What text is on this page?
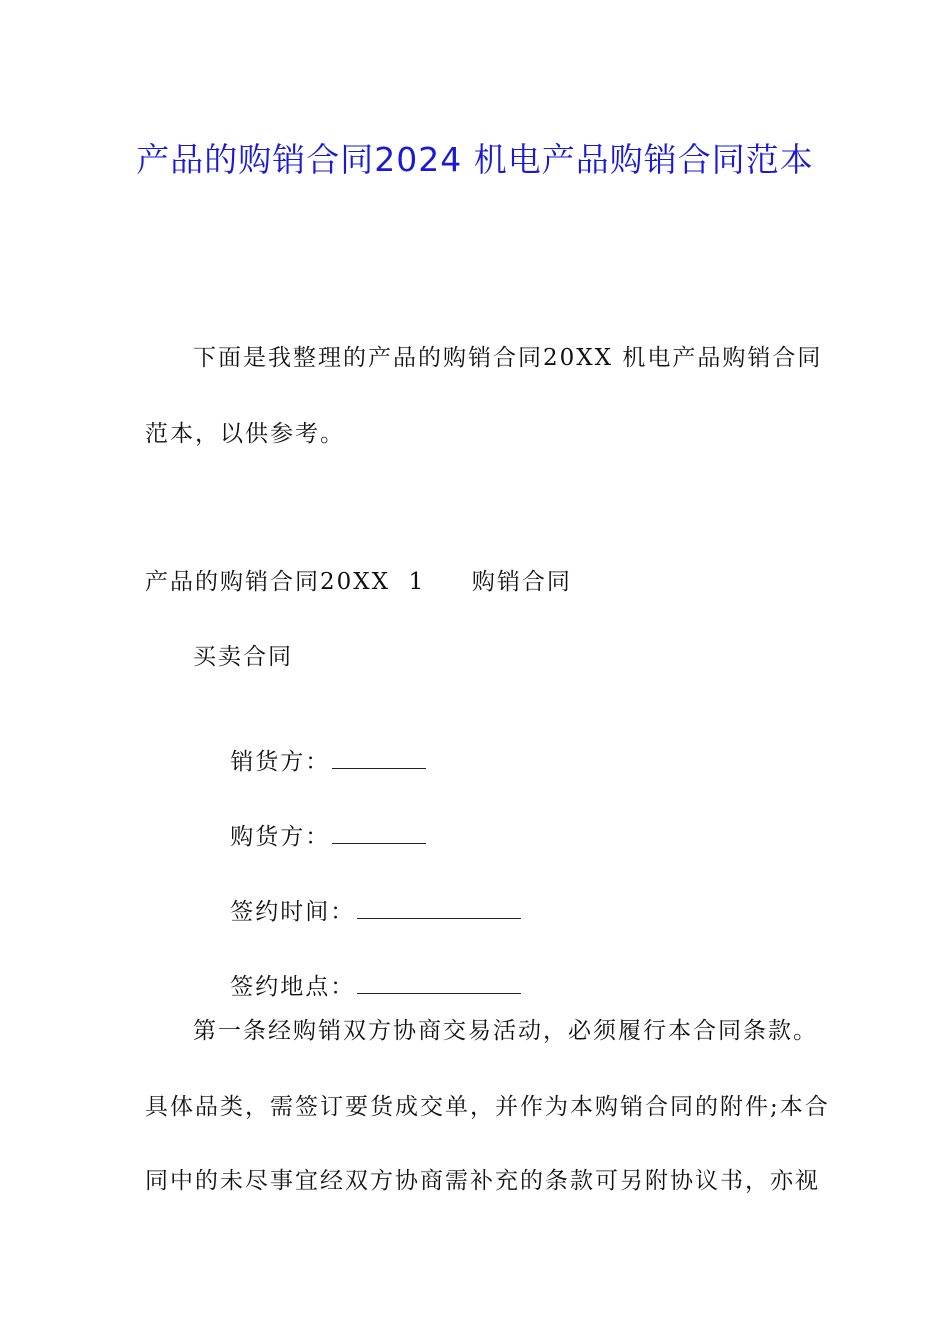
产品的购销合同2024 机电产品购销合同范本
下面是我整理的产品的购销合同20XX 机电产品购销合同
范本，以供参考。
产品的购销合同20XX  1     购销合同
买卖合同

销货方：

购货方：

签约时间：

签约地点：

第一条经购销双方协商交易活动，必须履行本合同条款。
具体品类，需签订要货成交单，并作为本购销合同的附件;本合
同中的未尽事宜经双方协商需补充的条款可另附协议书，亦视
